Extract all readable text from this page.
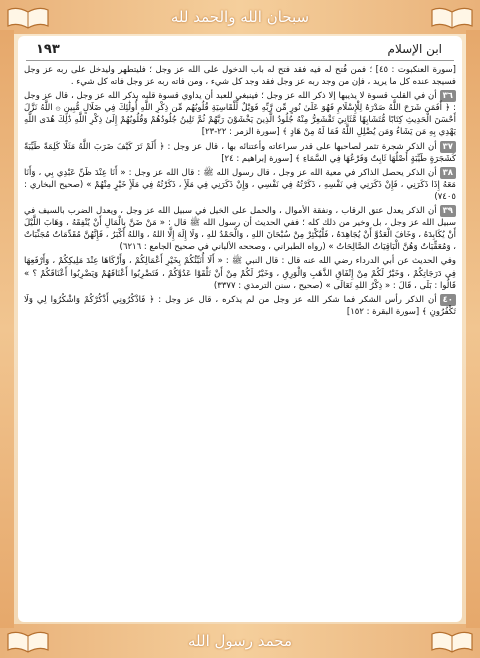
سبحان الله والحمد لله
محمد رسول الله
١٩٣	ابن الإسلام

[سورة العنكبوت : ٤٥] ؛ فمن فُتح له فيه فقد فتح له باب الدخول على الله عز وجل ؛ فليتطهر وليدخل على ربه عز وجل فسيجد عنده كل ما يريد ، فإن من وجد ربه عز وجل فقد وجد كل شيء ، ومن فاته ربه عز وجل فاته كل شيء .

٣٦أن في القلب قسوة لا يذيبها إلا ذكر الله عز وجل ؛ فينبغي للعبد أن يداوي قسوة قلبه بذكر الله عز وجل ، قال عز وجل : ﴿ أَفَمَن شَرَحَ اللَّهُ صَدْرَهُ لِلْإِسْلَامِ فَهُوَ عَلَىٰ نُورٍ مِّن رَّبِّهِ فَوَيْلٌ لِّلْقَاسِيَةِ قُلُوبُهُم مِّن ذِكْرِ اللَّهِ أُولَٰئِكَ فِي ضَلَالٍ مُّبِينٍ ۞ اللَّهُ نَزَّلَ أَحْسَنَ الْحَدِيثِ كِتَابًا مُّتَشَابِهًا مَّثَانِيَ تَقْشَعِرُّ مِنْهُ جُلُودُ الَّذِينَ يَخْشَوْنَ رَبَّهُمْ ثُمَّ تَلِينُ جُلُودُهُمْ وَقُلُوبُهُمْ إِلَىٰ ذِكْرِ اللَّهِ ذَٰلِكَ هُدَى اللَّهِ يَهْدِي بِهِ مَن يَشَاءُ وَمَن يُضْلِلِ اللَّهُ فَمَا لَهُ مِنْ هَادٍ ﴾ [سورة الزمر : ٢٢-٢٣]

٣٧أن الذكر شجرة تثمر لصاحبها على قدر سراعاته وأعتنائه بها ، قال عز وجل : ﴿ أَلَمْ تَرَ كَيْفَ ضَرَبَ اللَّهُ مَثَلًا كَلِمَةً طَيِّبَةً كَشَجَرَةٍ طَيِّبَةٍ أَصْلُهَا ثَابِتٌ وَفَرْعُهَا فِي السَّمَاءِ ﴾ [سورة إبراهيم : ٢٤]

٣٨أن الذكر يحصل الذاكر في معية الله عز وجل ، قال رسول الله ﷺ : قال الله عز وجل : « أَنَا عِنْدَ ظَنِّ عَبْدِي بِي ، وَأَنَا مَعَهُ إِذَا ذَكَرَنِي ، فَإِنْ ذَكَرَنِي فِي نَفْسِهِ ، ذَكَرْتُهُ فِي نَفْسِي ، وَإِنْ ذَكَرَنِي فِي مَلَأٍ ، ذَكَرْتُهُ فِي مَلَأٍ خَيْرٍ مِنْهُمْ » (صحيح البخاري : ٧٤٠٥)

٣٩أن الذكر يعدل عتق الرقاب ، ونفقة الأموال ، والحمل على الخيل في سبيل الله عز وجل ، ويعدل الضرب بالسيف في سبيل الله عز وجل ، بل وخير من ذلك كله ؛ ففي الحديث أن رسول الله ﷺ قال : « مَنْ ضَنَّ بِالْمَالِ أَنْ يُنْفِقَهُ ، وَهَابَ اللَّيْلَ أَنْ يُكَابِدَهُ ، وَخَافَ الْعَدُوَّ أَنْ يُجَاهِدَهُ ، فَلْيُكْثِرْ مِنْ سُبْحَانَ اللهِ ، وَالْحَمْدُ للهِ ، وَلَا إِلَهَ إِلَّا اللهُ ، وَاللهُ أَكْبَرُ ، فَإِنَّهُنَّ مُقَدِّمَاتٌ مُجَنِّبَاتٌ ، وَمُعَقِّبَاتٌ وَهُنَّ الْبَاقِيَاتُ الصَّالِحَاتُ » (رواه الطبراني ، وصححه الألباني في صحيح الجامع : ٦٢١٦)

وفي الحديث عن أبي الدرداء رضي الله عنه قال : قال النبي ﷺ : « أَلَا أُنَبِّئُكُمْ بِخَيْرِ أَعْمَالِكُمْ ، وَأَزْكَاهَا عِنْدَ مَلِيكِكُمْ ، وَأَرْفَعِهَا فِي دَرَجَاتِكُمْ ، وَخَيْرٌ لَكُمْ مِنْ إِنْفَاقِ الذَّهَبِ وَالْوَرِقِ ، وَخَيْرٌ لَكُمْ مِنْ أَنْ تَلْقَوْا عَدُوَّكُمْ ، فَتَضْرِبُوا أَعْنَاقَهُمْ وَيَضْرِبُوا أَعْنَاقَكُمْ ؟ » قَالُوا : بَلَى ، قَالَ : « ذِكْرُ اللهِ تَعَالَى » (صحيح ، سنن الترمذي : ٣٣٧٧)

٤٠أن الذكر رأس الشكر فما شكر الله عز وجل من لم يذكره ، قال عز وجل : ﴿ فَاذْكُرُونِي أَذْكُرْكُمْ وَاشْكُرُوا لِي وَلَا تَكْفُرُونِ ﴾ [سورة البقرة : ١٥٢]
